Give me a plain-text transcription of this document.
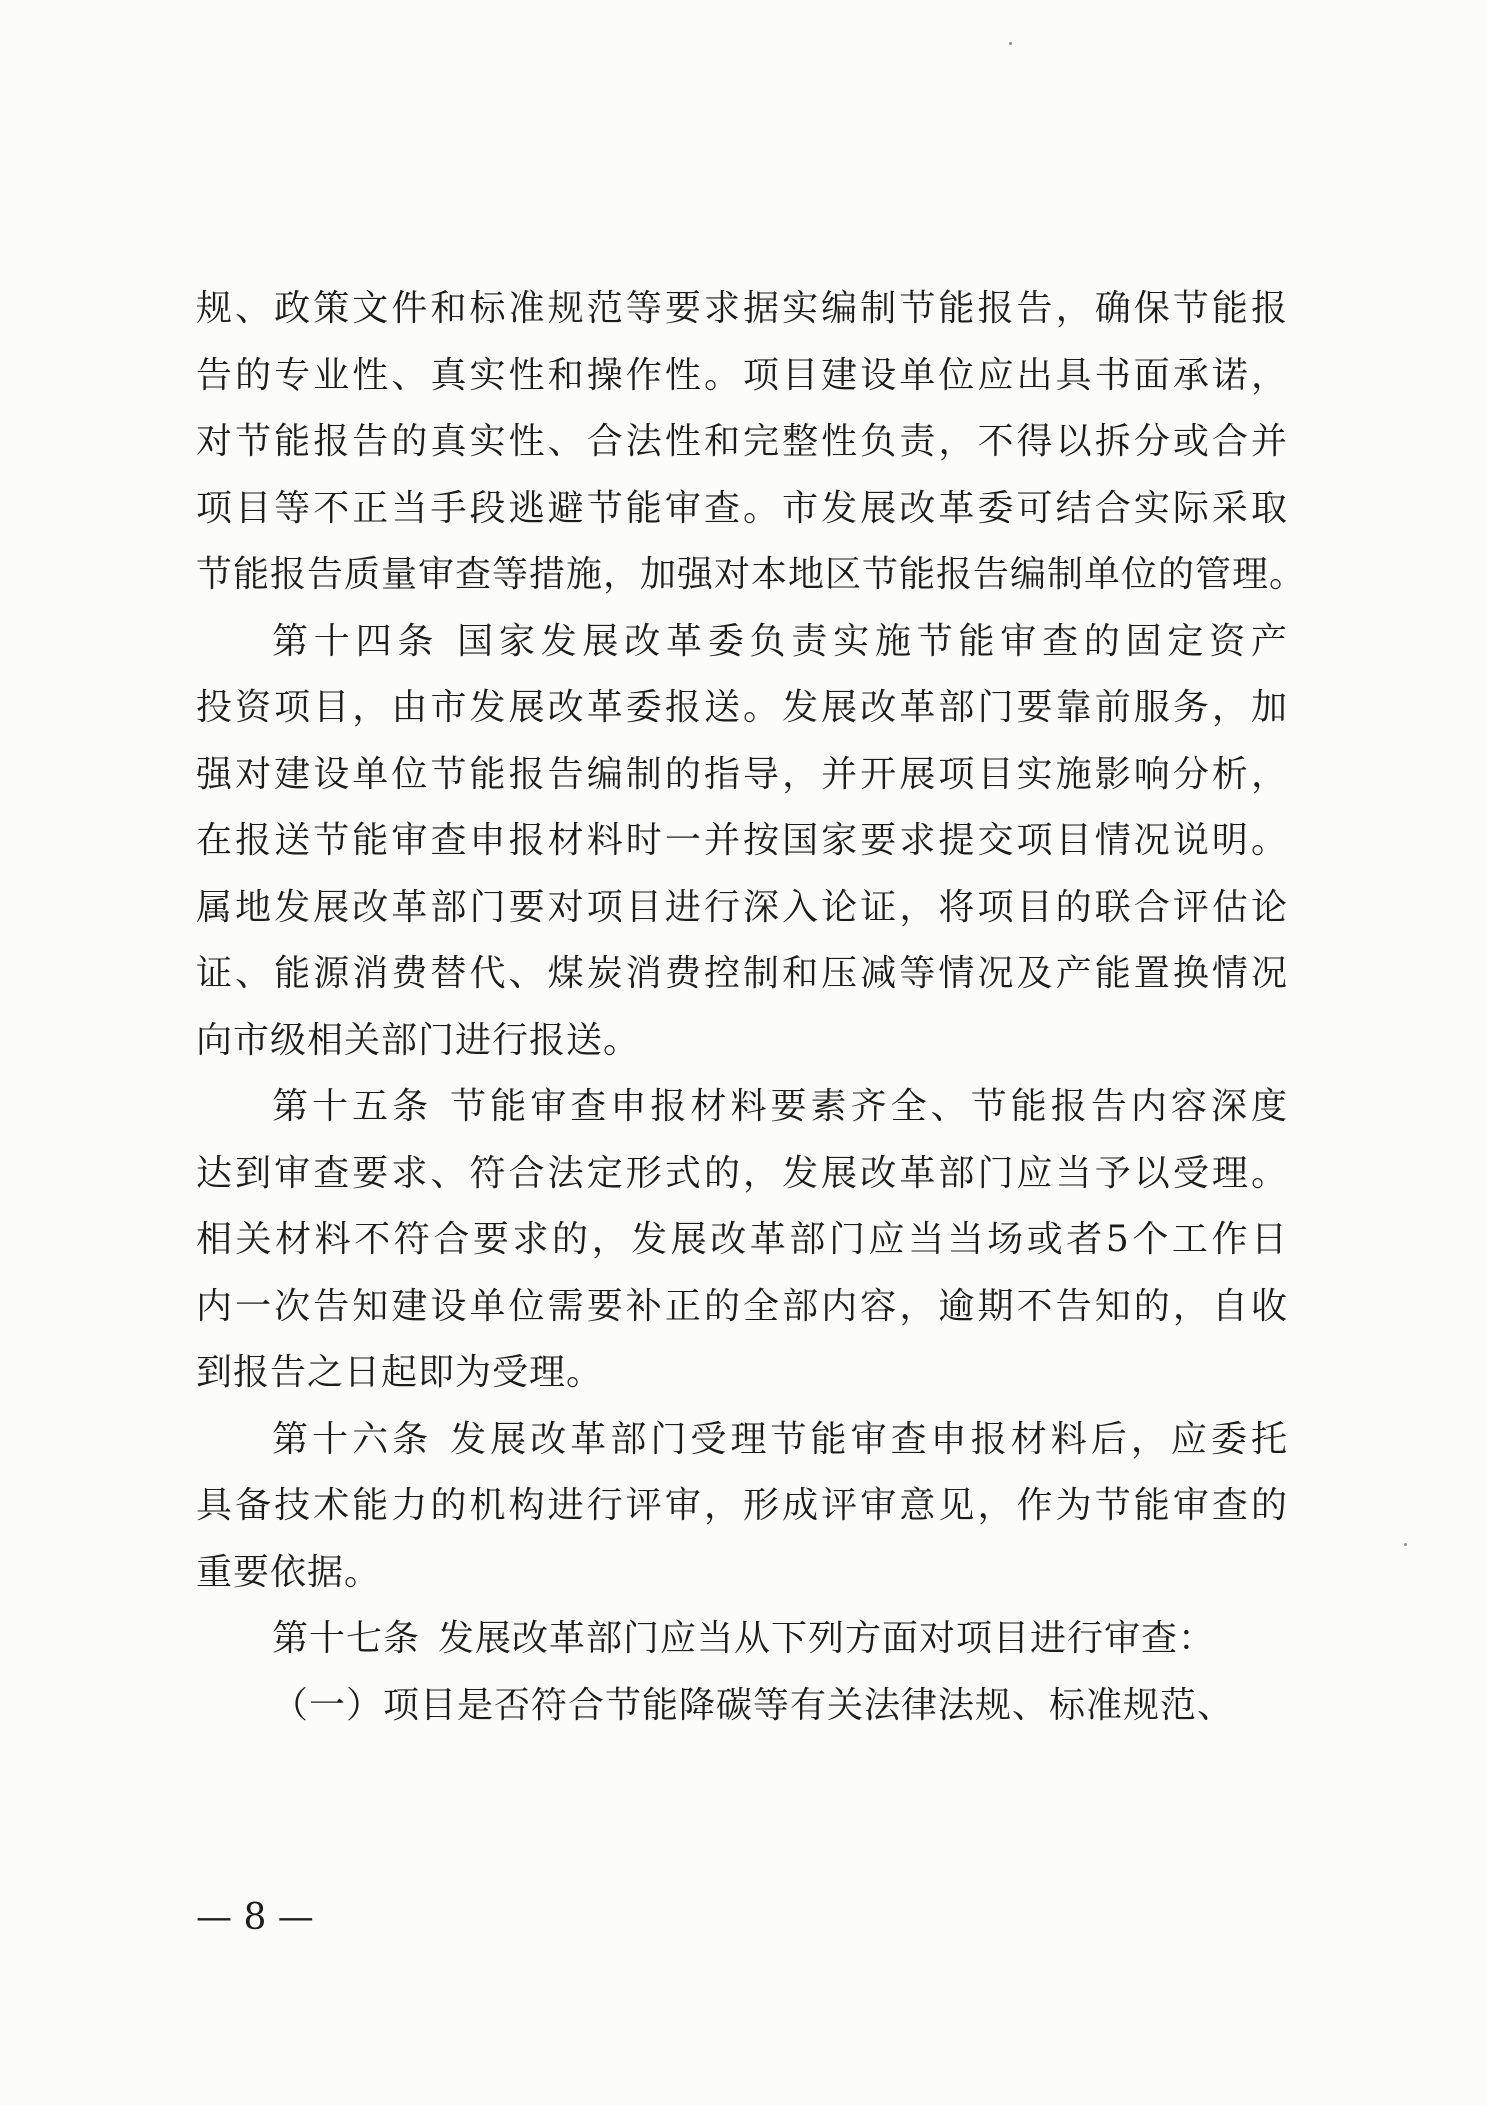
规、政策文件和标准规范等要求据实编制节能报告，确保节能报
告的专业性、真实性和操作性。项目建设单位应出具书面承诺，
对节能报告的真实性、合法性和完整性负责，不得以拆分或合并
项目等不正当手段逃避节能审查。市发展改革委可结合实际采取
节能报告质量审查等措施，加强对本地区节能报告编制单位的管理。
第十四条 国家发展改革委负责实施节能审查的固定资产
投资项目，由市发展改革委报送。发展改革部门要靠前服务，加
强对建设单位节能报告编制的指导，并开展项目实施影响分析，
在报送节能审查申报材料时一并按国家要求提交项目情况说明。
属地发展改革部门要对项目进行深入论证，将项目的联合评估论
证、能源消费替代、煤炭消费控制和压减等情况及产能置换情况
向市级相关部门进行报送。
第十五条 节能审查申报材料要素齐全、节能报告内容深度
达到审查要求、符合法定形式的，发展改革部门应当予以受理。
相关材料不符合要求的，发展改革部门应当当场或者5个工作日
内一次告知建设单位需要补正的全部内容，逾期不告知的，自收
到报告之日起即为受理。
第十六条 发展改革部门受理节能审查申报材料后，应委托
具备技术能力的机构进行评审，形成评审意见，作为节能审查的
重要依据。
第十七条 发展改革部门应当从下列方面对项目进行审查：
（一）项目是否符合节能降碳等有关法律法规、标准规范、
— 8 —
